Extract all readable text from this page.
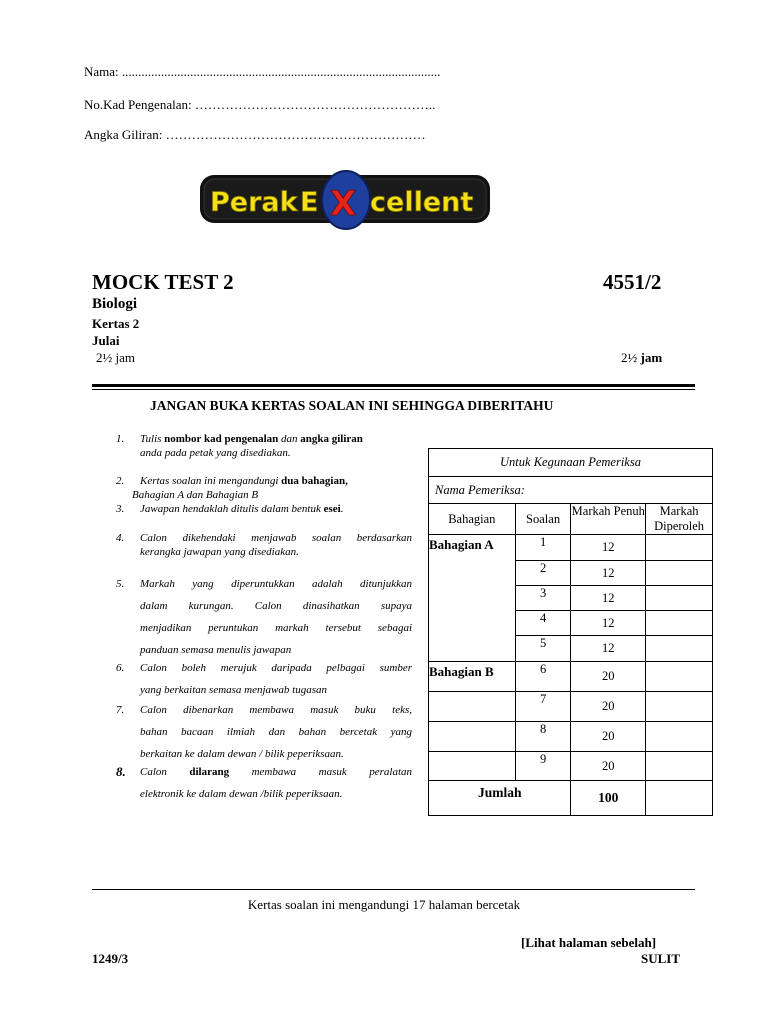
Nama: ..................................................................................................
No.Kad Pengenalan: ………………………………………………..
Angka Giliran: ……………………………………………………
Perak E X cellent
MOCK TEST 2	4551/2
Biologi
Kertas 2
Julai
2½ jam	2½ jam
JANGAN BUKA KERTAS SOALAN INI SEHINGGA DIBERITAHU
1. Tulis nombor kad pengenalan dan angka giliran
anda pada petak yang disediakan.
2. Kertas soalan ini mengandungi dua bahagian,
Bahagian A dan Bahagian B
3. Jawapan hendaklah ditulis dalam bentuk esei.
4. Calon dikehendaki menjawab soalan berdasarkan
kerangka jawapan yang disediakan.
5. Markah yang diperuntukkan adalah ditunjukkan
dalam kurungan. Calon dinasihatkan supaya
menjadikan peruntukan markah tersebut sebagai
panduan semasa menulis jawapan
6. Calon boleh merujuk daripada pelbagai sumber
yang berkaitan semasa menjawab tugasan
7. Calon dibenarkan membawa masuk buku teks,
bahan bacaan ilmiah dan bahan bercetak yang
berkaitan ke dalam dewan / bilik peperiksaan.
8. Calon dilarang membawa masuk peralatan
elektronik ke dalam dewan /bilik peperiksaan.
Untuk Kegunaan Pemeriksa			
Nama Pemeriksa:			
Bahagian	Soalan	Markah Penuh	Markah Diperoleh
Bahagian A	1	12	
	2	12	
	3	12	
	4	12	
	5	12	
Bahagian B	6	20	
	7	20	
	8	20	
	9	20	
Jumlah		100	
Kertas soalan ini mengandungi 17 halaman bercetak
[Lihat halaman sebelah]
1249/3	SULIT
